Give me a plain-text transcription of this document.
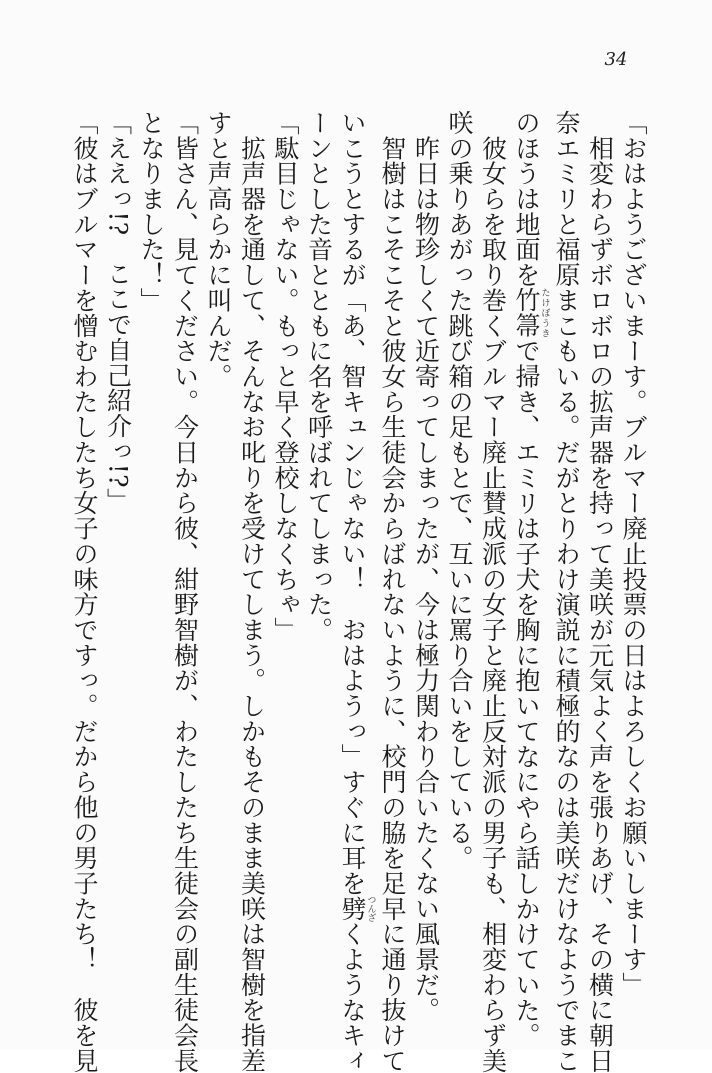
34

「おはようございまーす。ブルマー廃止投票の日はよろしくお願いしまーす」

　相変わらずボロボロの拡声器を持って美咲が元気よく声を張りあげ、その横に朝日

奈エミリと福原まこもいる。だがとりわけ演説に積極的なのは美咲だけなようでまこ

のほうは地面を竹箒たけぼうきで掃き、エミリは子犬を胸に抱いてなにやら話しかけていた。

　彼女らを取り巻くブルマー廃止賛成派の女子と廃止反対派の男子も、相変わらず美

咲の乗りあがった跳び箱の足もとで、互いに罵り合いをしている。

　昨日は物珍しくて近寄ってしまったが、今は極力関わり合いたくない風景だ。

　智樹はこそこそと彼女ら生徒会からばれないように、校門の脇を足早に通り抜けて

いこうとするが「あ、智キュンじゃない！　おはようっ」すぐに耳を劈つんざくようなキィ

ーンとした音とともに名を呼ばれてしまった。

「駄目じゃない。もっと早く登校しなくちゃ」

　拡声器を通して、そんなお叱りを受けてしまう。しかもそのまま美咲は智樹を指差

すと声高らかに叫んだ。

「皆さん、見てください。今日から彼、紺野智樹が、わたしたち生徒会の副生徒会長

となりました！」

「ええっ!?　ここで自己紹介っ!?」

「彼はブルマーを憎むわたしたち女子の味方ですっ。だから他の男子たち！　彼を見
